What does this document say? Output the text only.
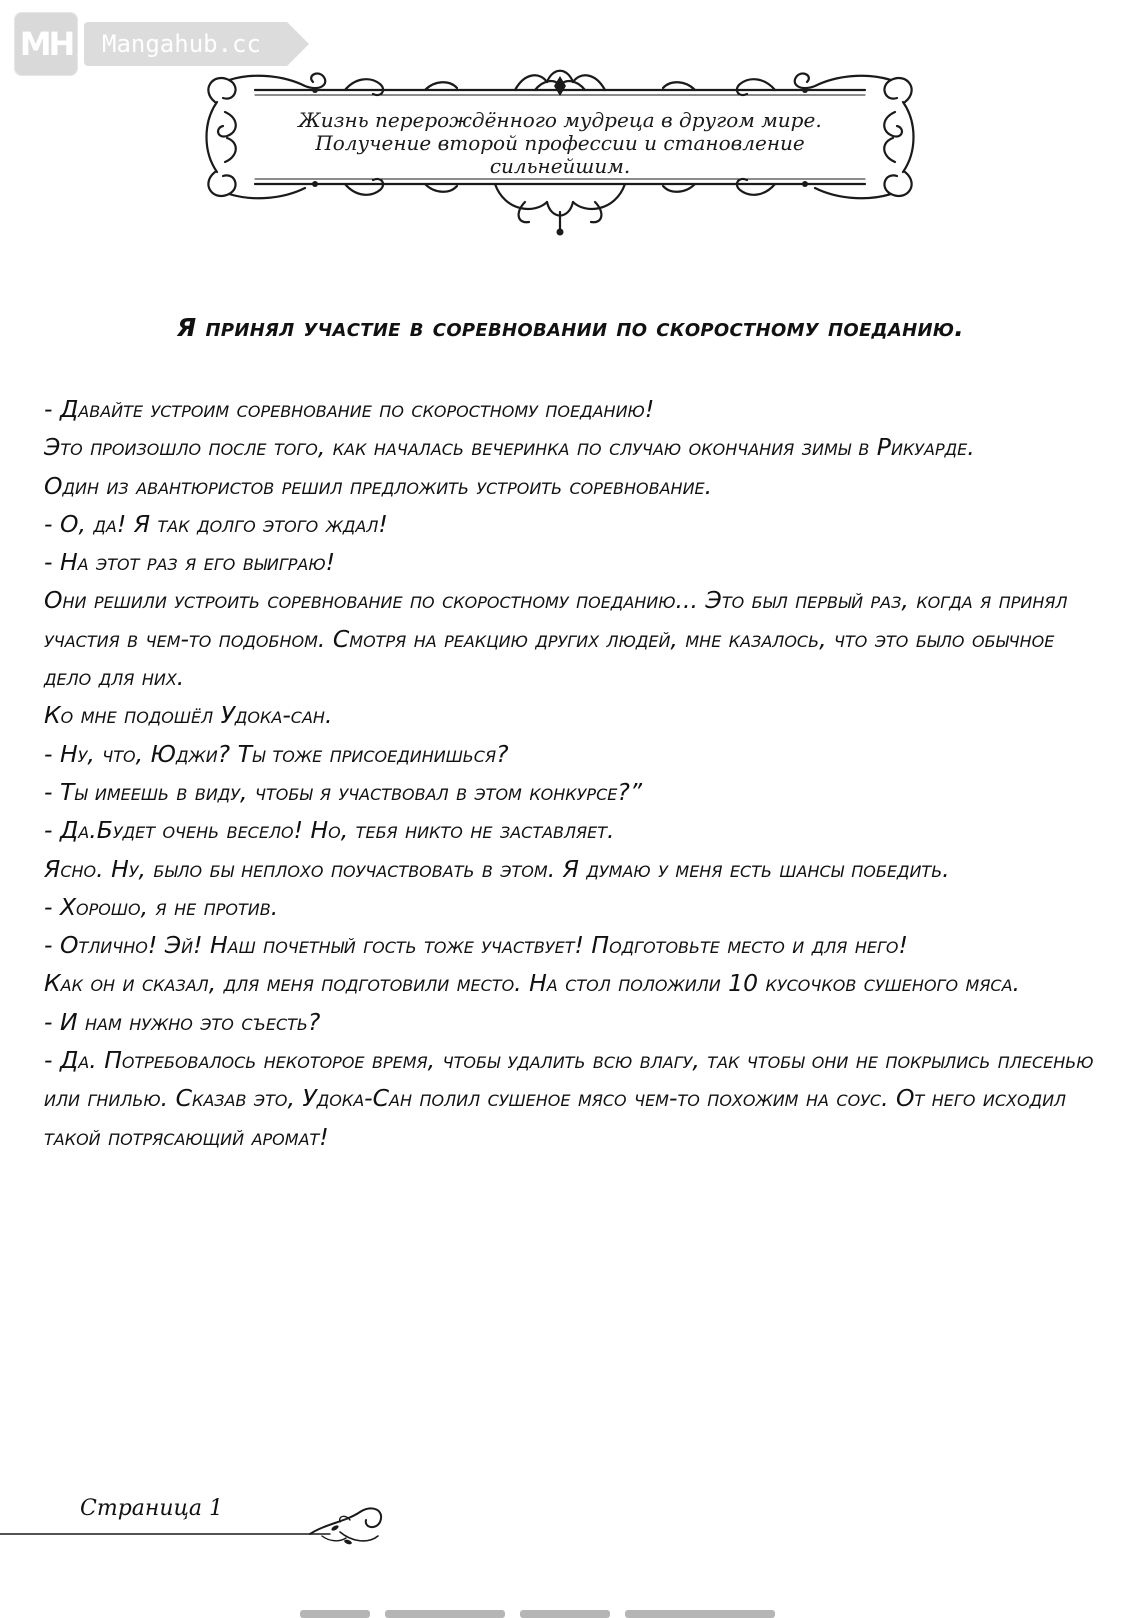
MH	Mangahub.cc
Жизнь перерождённого мудреца в другом мире.
Получение второй профессии и становление
сильнейшим.
Я принял участие в соревновании по скоростному поеданию.

- Давайте устроим соревнование по скоростному поеданию!

Это произошло после того, как началась вечеринка по случаю окончания зимы в Рикуарде.

Один из авантюристов решил предложить устроить соревнование.

- О, да! Я так долго этого ждал!

- На этот раз я его выиграю!

Они решили устроить соревнование по скоростному поеданию... Это был первый раз, когда я принял участия в чем-то подобном. Смотря на реакцию других людей, мне казалось, что это было обычное дело для них.

Ко мне подошёл Удока-сан.

- Ну, что, Юджи? Ты тоже присоединишься?

- Ты имеешь в виду, чтобы я участвовал в этом конкурсе?”

- Да.Будет очень весело! Но, тебя никто не заставляет.

Ясно. Ну, было бы неплохо поучаствовать в этом. Я думаю у меня есть шансы победить.

- Хорошо, я не против.

- Отлично! Эй! Наш почетный гость тоже участвует! Подготовьте место и для него!

Как он и сказал, для меня подготовили место. На стол положили 10 кусочков сушеного мяса.

- И нам нужно это съесть?

- Да. Потребовалось некоторое время, чтобы удалить всю влагу, так чтобы они не покрылись плесенью или гнилью. Сказав это, Удока-Сан полил сушеное мясо чем-то похожим на соус. От него исходил такой потрясающий аромат!

Страница 1
